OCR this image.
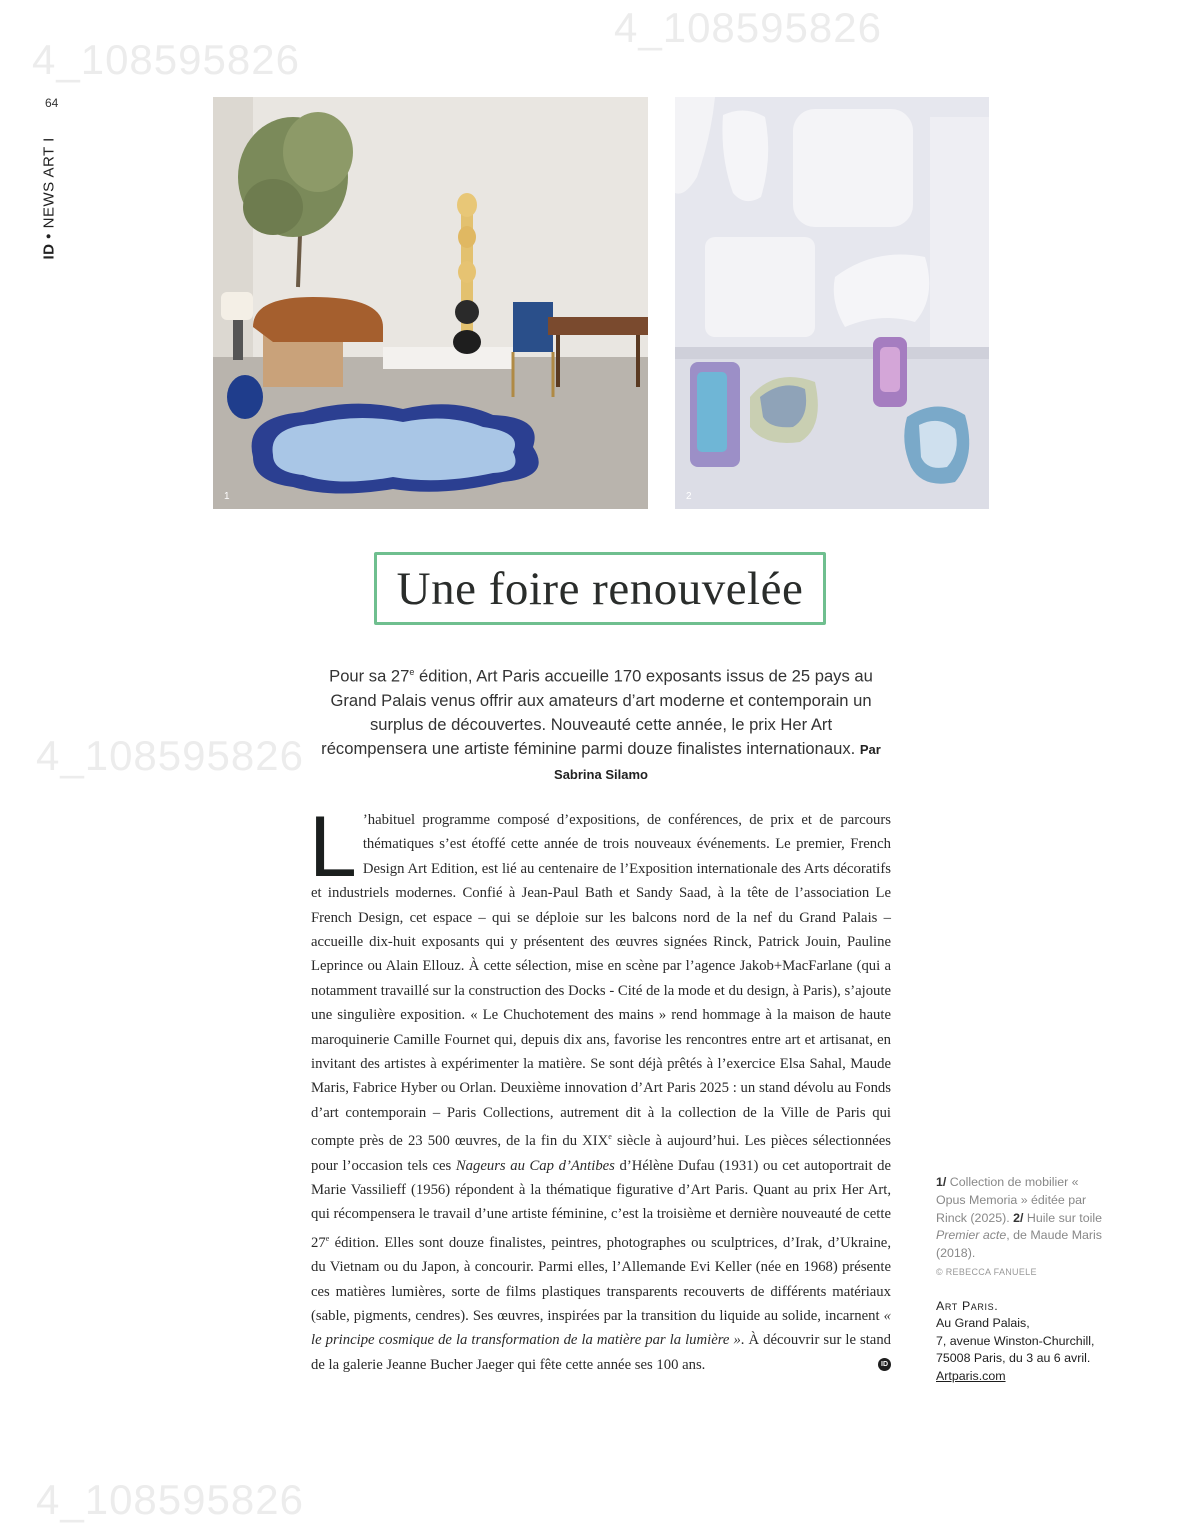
4_108595826
4_108595826
4_108595826
4_108595826
64
ID • NEWS ART I
1	2
Une foire renouvelée
Pour sa 27e édition, Art Paris accueille 170 exposants issus de 25 pays au Grand Palais venus offrir aux amateurs d’art moderne et contemporain un surplus de découvertes. Nouveauté cette année, le prix Her Art récompensera une artiste féminine parmi douze finalistes internationaux. Par Sabrina Silamo
L ’habituel programme composé d’expositions, de conférences, de prix et de parcours thématiques s’est étoffé cette année de trois nouveaux événements. Le premier, French Design Art Edition, est lié au centenaire de l’Exposition internationale des Arts décoratifs et industriels modernes. Confié à Jean-Paul Bath et Sandy Saad, à la tête de l’association Le French Design, cet espace – qui se déploie sur les balcons nord de la nef du Grand Palais – accueille dix-huit exposants qui y présentent des œuvres signées Rinck, Patrick Jouin, Pauline Leprince ou Alain Ellouz. À cette sélection, mise en scène par l’agence Jakob+MacFarlane (qui a notamment travaillé sur la construction des Docks - Cité de la mode et du design, à Paris), s’ajoute une singulière exposition. « Le Chuchotement des mains » rend hommage à la maison de haute maroquinerie Camille Fournet qui, depuis dix ans, favorise les rencontres entre art et artisanat, en invitant des artistes à expérimenter la matière. Se sont déjà prêtés à l’exercice Elsa Sahal, Maude Maris, Fabrice Hyber ou Orlan. Deuxième innovation d’Art Paris 2025 : un stand dévolu au Fonds d’art contemporain – Paris Collections, autrement dit à la collection de la Ville de Paris qui compte près de 23 500 œuvres, de la fin du XIXe siècle à aujourd’hui. Les pièces sélectionnées pour l’occasion tels ces Nageurs au Cap d’Antibes d’Hélène Dufau (1931) ou cet autoportrait de Marie Vassilieff (1956) répondent à la thématique figurative d’Art Paris. Quant au prix Her Art, qui récompensera le travail d’une artiste féminine, c’est la troisième et dernière nouveauté de cette 27e édition. Elles sont douze finalistes, peintres, photographes ou sculptrices, d’Irak, d’Ukraine, du Vietnam ou du Japon, à concourir. Parmi elles, l’Allemande Evi Keller (née en 1968) présente ces matières lumières, sorte de films plastiques transparents recouverts de différents matériaux (sable, pigments, cendres). Ses œuvres, inspirées par la transition du liquide au solide, incarnent « le principe cosmique de la transformation de la matière par la lumière ». À découvrir sur le stand de la galerie Jeanne Bucher Jaeger qui fête cette année ses 100 ans.	ID
1/ Collection de mobilier « Opus Memoria » éditée par Rinck (2025). 2/ Huile sur toile Premier acte, de Maude Maris (2018).
© REBECCA FANUELE
Art Paris.
Au Grand Palais,
7, avenue Winston-Churchill,
75008 Paris, du 3 au 6 avril.
Artparis.com
